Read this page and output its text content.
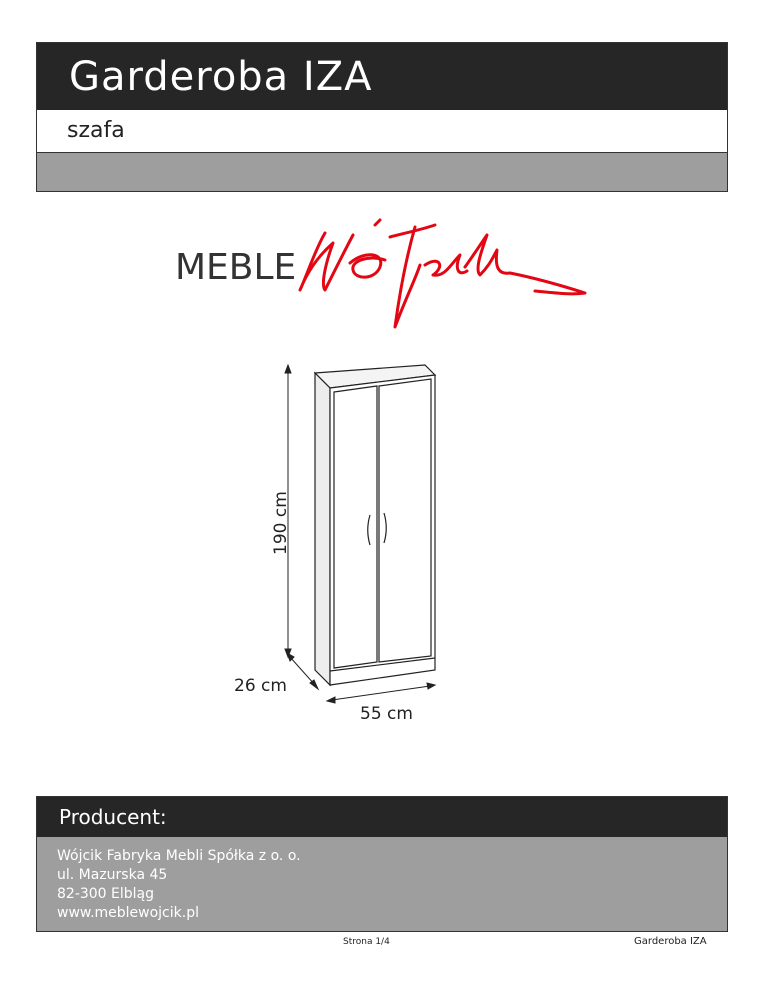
Garderoba IZA
szafa
MEBLE
190 cm
26 cm
55 cm
Producent:
Wójcik Fabryka Mebli Spółka z o. o.
ul. Mazurska 45
82-300 Elbląg
www.meblewojcik.pl
Strona 1/4	Garderoba IZA
